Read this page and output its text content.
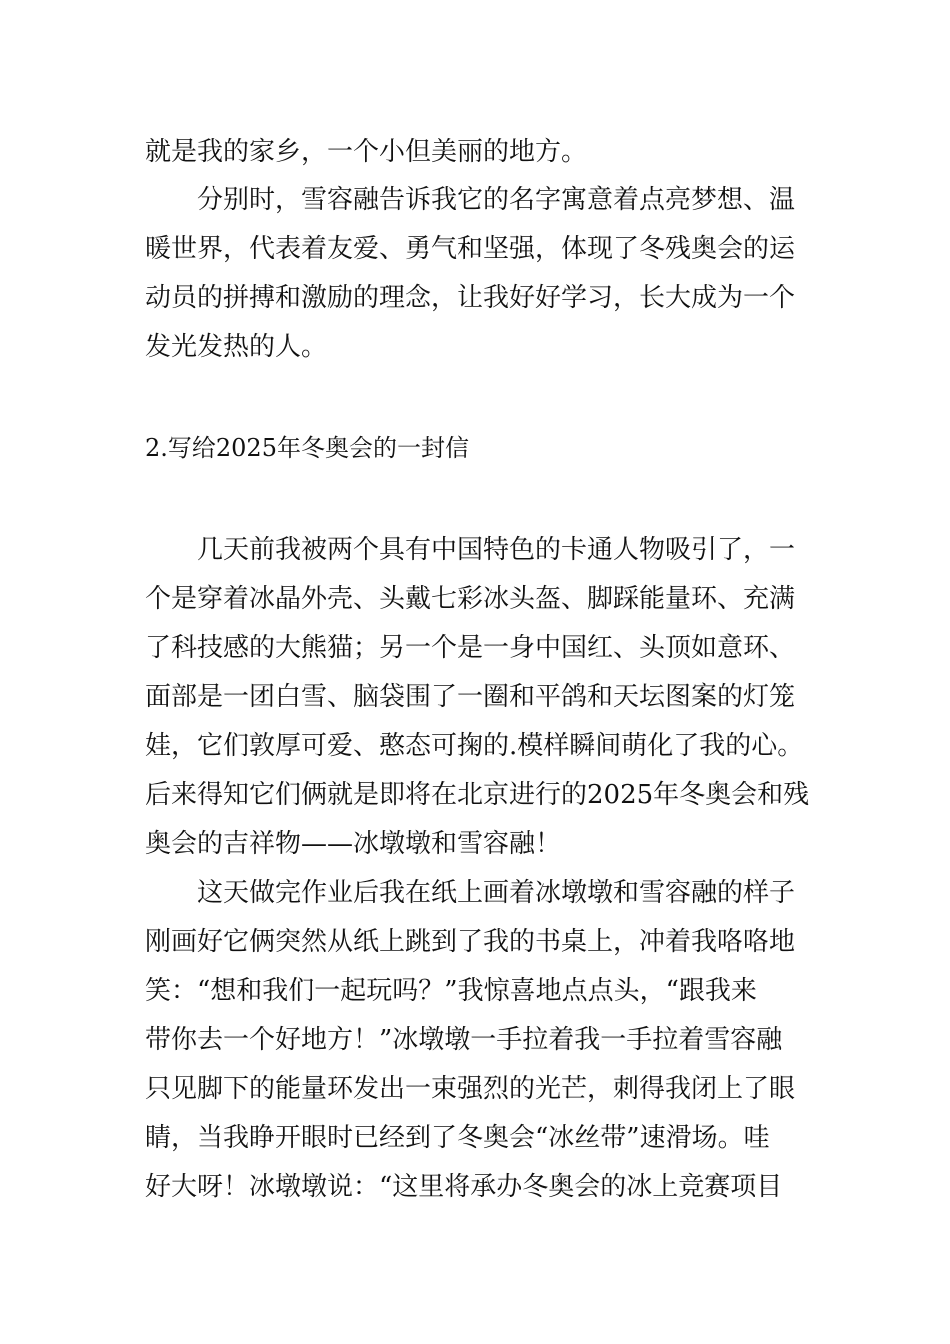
就是我的家乡，一个小但美丽的地方。
分别时，雪容融告诉我它的名字寓意着点亮梦想、温
暖世界，代表着友爱、勇气和坚强，体现了冬残奥会的运
动员的拼搏和激励的理念，让我好好学习，长大成为一个
发光发热的人。
2.写给2025年冬奥会的一封信
几天前我被两个具有中国特色的卡通人物吸引了，一
个是穿着冰晶外壳、头戴七彩冰头盔、脚踩能量环、充满
了科技感的大熊猫；另一个是一身中国红、头顶如意环、
面部是一团白雪、脑袋围了一圈和平鸽和天坛图案的灯笼
娃，它们敦厚可爱、憨态可掬的.模样瞬间萌化了我的心。
后来得知它们俩就是即将在北京进行的2025年冬奥会和残
奥会的吉祥物——冰墩墩和雪容融！
这天做完作业后我在纸上画着冰墩墩和雪容融的样子
刚画好它俩突然从纸上跳到了我的书桌上，冲着我咯咯地
笑：“想和我们一起玩吗？”我惊喜地点点头，“跟我来
带你去一个好地方！”冰墩墩一手拉着我一手拉着雪容融
只见脚下的能量环发出一束强烈的光芒，刺得我闭上了眼
睛，当我睁开眼时已经到了冬奥会“冰丝带”速滑场。哇
好大呀！冰墩墩说：“这里将承办冬奥会的冰上竞赛项目
